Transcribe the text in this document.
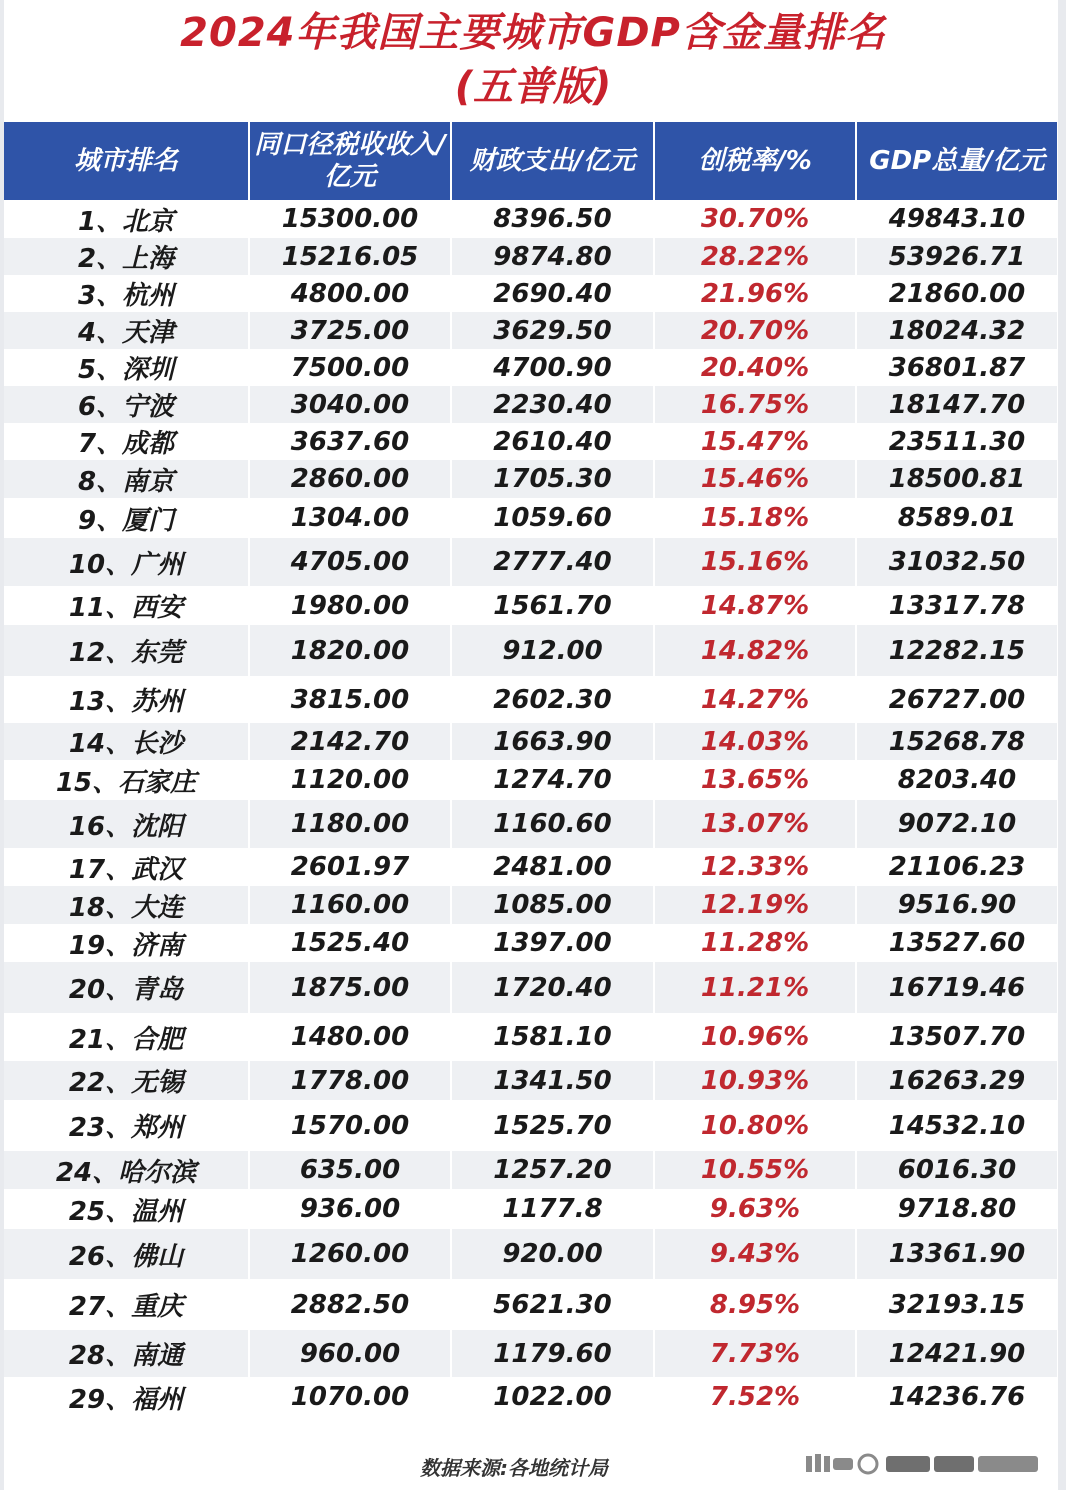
2024年我国主要城市GDP含金量排名
(五普版)
城市排名	同口径税收收入/亿元	财政支出/亿元	创税率/%	GDP总量/亿元
1、北京	15300.00	8396.50	30.70%	49843.10
2、上海	15216.05	9874.80	28.22%	53926.71
3、杭州	4800.00	2690.40	21.96%	21860.00
4、天津	3725.00	3629.50	20.70%	18024.32
5、深圳	7500.00	4700.90	20.40%	36801.87
6、宁波	3040.00	2230.40	16.75%	18147.70
7、成都	3637.60	2610.40	15.47%	23511.30
8、南京	2860.00	1705.30	15.46%	18500.81
9、厦门	1304.00	1059.60	15.18%	8589.01
10、广州	4705.00	2777.40	15.16%	31032.50
11、西安	1980.00	1561.70	14.87%	13317.78
12、东莞	1820.00	912.00	14.82%	12282.15
13、苏州	3815.00	2602.30	14.27%	26727.00
14、长沙	2142.70	1663.90	14.03%	15268.78
15、石家庄	1120.00	1274.70	13.65%	8203.40
16、沈阳	1180.00	1160.60	13.07%	9072.10
17、武汉	2601.97	2481.00	12.33%	21106.23
18、大连	1160.00	1085.00	12.19%	9516.90
19、济南	1525.40	1397.00	11.28%	13527.60
20、青岛	1875.00	1720.40	11.21%	16719.46
21、合肥	1480.00	1581.10	10.96%	13507.70
22、无锡	1778.00	1341.50	10.93%	16263.29
23、郑州	1570.00	1525.70	10.80%	14532.10
24、哈尔滨	635.00	1257.20	10.55%	6016.30
25、温州	936.00	1177.8	9.63%	9718.80
26、佛山	1260.00	920.00	9.43%	13361.90
27、重庆	2882.50	5621.30	8.95%	32193.15
28、南通	960.00	1179.60	7.73%	12421.90
29、福州	1070.00	1022.00	7.52%	14236.76
数据来源:各地统计局
